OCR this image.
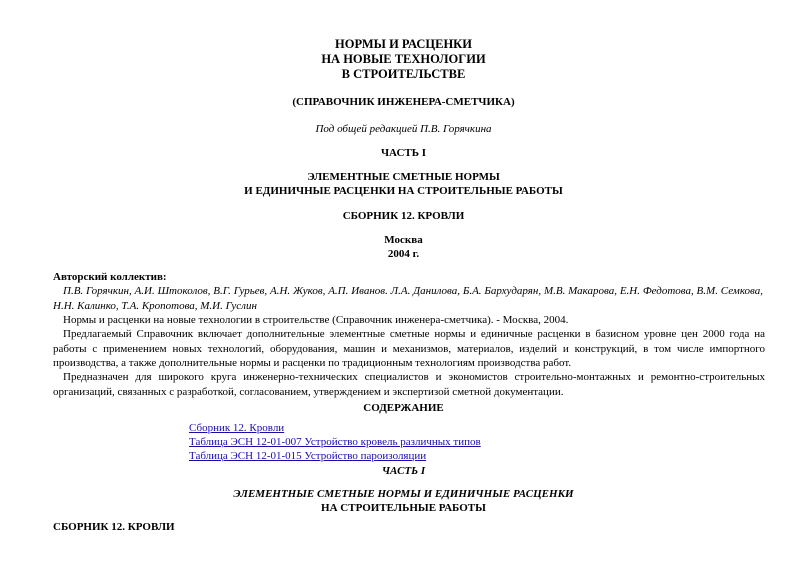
НОРМЫ И РАСЦЕНКИ
НА НОВЫЕ ТЕХНОЛОГИИ
В СТРОИТЕЛЬСТВЕ
(СПРАВОЧНИК ИНЖЕНЕРА-СМЕТЧИКА)
Под общей редакцией П.В. Горячкина
ЧАСТЬ I
ЭЛЕМЕНТНЫЕ СМЕТНЫЕ НОРМЫ
И ЕДИНИЧНЫЕ РАСЦЕНКИ НА СТРОИТЕЛЬНЫЕ РАБОТЫ
СБОРНИК 12. КРОВЛИ
Москва
2004 г.
Авторский коллектив:
П.В. Горячкин, А.И. Штоколов, В.Г. Гурьев, А.Н. Жуков, А.П. Иванов. Л.А. Данилова, Б.А. Бархударян, М.В. Макарова, Е.Н. Федотова, В.М. Семкова, Н.Н. Калинко, Т.А. Кропотова, М.И. Гуслин
Нормы и расценки на новые технологии в строительстве (Справочник инженера-сметчика). - Москва, 2004.
Предлагаемый Справочник включает дополнительные элементные сметные нормы и единичные расценки в базисном уровне цен 2000 года на работы с применением новых технологий, оборудования, машин и механизмов, материалов, изделий и конструкций, в том числе импортного производства, а также дополнительные нормы и расценки по традиционным технологиям производства работ.
Предназначен для широкого круга инженерно-технических специалистов и экономистов строительно-монтажных и ремонтно-строительных организаций, связанных с разработкой, согласованием, утверждением и экспертизой сметной документации.
СОДЕРЖАНИЕ
Сборник 12. Кровли
Таблица ЭСН 12-01-007 Устройство кровель различных типов
Таблица ЭСН 12-01-015 Устройство пароизоляции
ЧАСТЬ I
ЭЛЕМЕНТНЫЕ СМЕТНЫЕ НОРМЫ И ЕДИНИЧНЫЕ РАСЦЕНКИ
НА СТРОИТЕЛЬНЫЕ РАБОТЫ
СБОРНИК 12. КРОВЛИ
